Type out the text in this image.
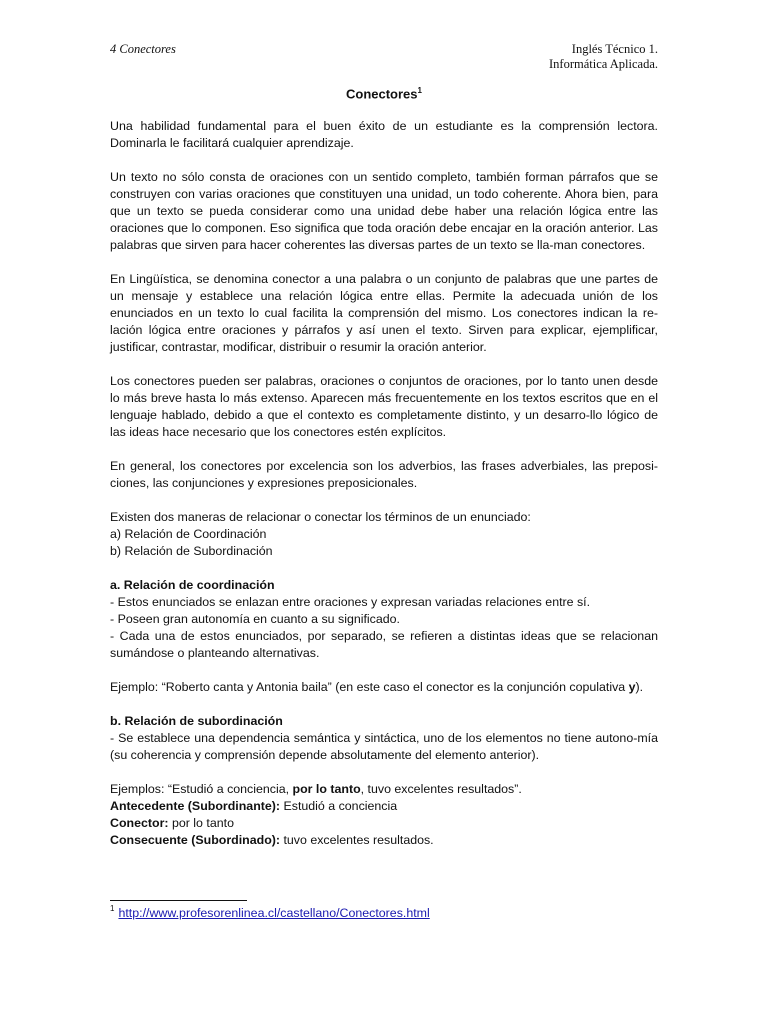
4 Conectores	Inglés Técnico 1.
Informática Aplicada.
Conectores$^1$

Una habilidad fundamental para el buen éxito de un estudiante es la comprensión lectora. Dominarla le facilitará cualquier aprendizaje.

Un texto no sólo consta de oraciones con un sentido completo, también forman párrafos que se construyen con varias oraciones que constituyen una unidad, un todo coherente. Ahora bien, para que un texto se pueda considerar como una unidad debe haber una relación lógica entre las oraciones que lo componen. Eso significa que toda oración debe encajar en la oración anterior. Las palabras que sirven para hacer coherentes las diversas partes de un texto se lla-man conectores.

En Lingüística, se denomina conector a una palabra o un conjunto de palabras que une partes de un mensaje y establece una relación lógica entre ellas. Permite la adecuada unión de los enunciados en un texto lo cual facilita la comprensión del mismo. Los conectores indican la re-lación lógica entre oraciones y párrafos y así unen el texto. Sirven para explicar, ejemplificar, justificar, contrastar, modificar, distribuir o resumir la oración anterior.

Los conectores pueden ser palabras, oraciones o conjuntos de oraciones, por lo tanto unen desde lo más breve hasta lo más extenso. Aparecen más frecuentemente en los textos escritos que en el lenguaje hablado, debido a que el contexto es completamente distinto, y un desarro-llo lógico de las ideas hace necesario que los conectores estén explícitos.

En general, los conectores por excelencia son los adverbios, las frases adverbiales, las preposi-ciones, las conjunciones y expresiones preposicionales.

Existen dos maneras de relacionar o conectar los términos de un enunciado:

a) Relación de Coordinación

b) Relación de Subordinación

a. Relación de coordinación

- Estos enunciados se enlazan entre oraciones y expresan variadas relaciones entre sí.

- Poseen gran autonomía en cuanto a su significado.

- Cada una de estos enunciados, por separado, se refieren a distintas ideas que se relacionan sumándose o planteando alternativas.

Ejemplo: “Roberto canta y Antonia baila” (en este caso el conector es la conjunción copulativa y).

b. Relación de subordinación

- Se establece una dependencia semántica y sintáctica, uno de los elementos no tiene autono-mía (su coherencia y comprensión depende absolutamente del elemento anterior).

Ejemplos: “Estudió a conciencia, por lo tanto, tuvo excelentes resultados”.

Antecedente (Subordinante): Estudió a conciencia

Conector: por lo tanto

Consecuente (Subordinado): tuvo excelentes resultados.

$^1$ http://www.profesorenlinea.cl/castellano/Conectores.html
